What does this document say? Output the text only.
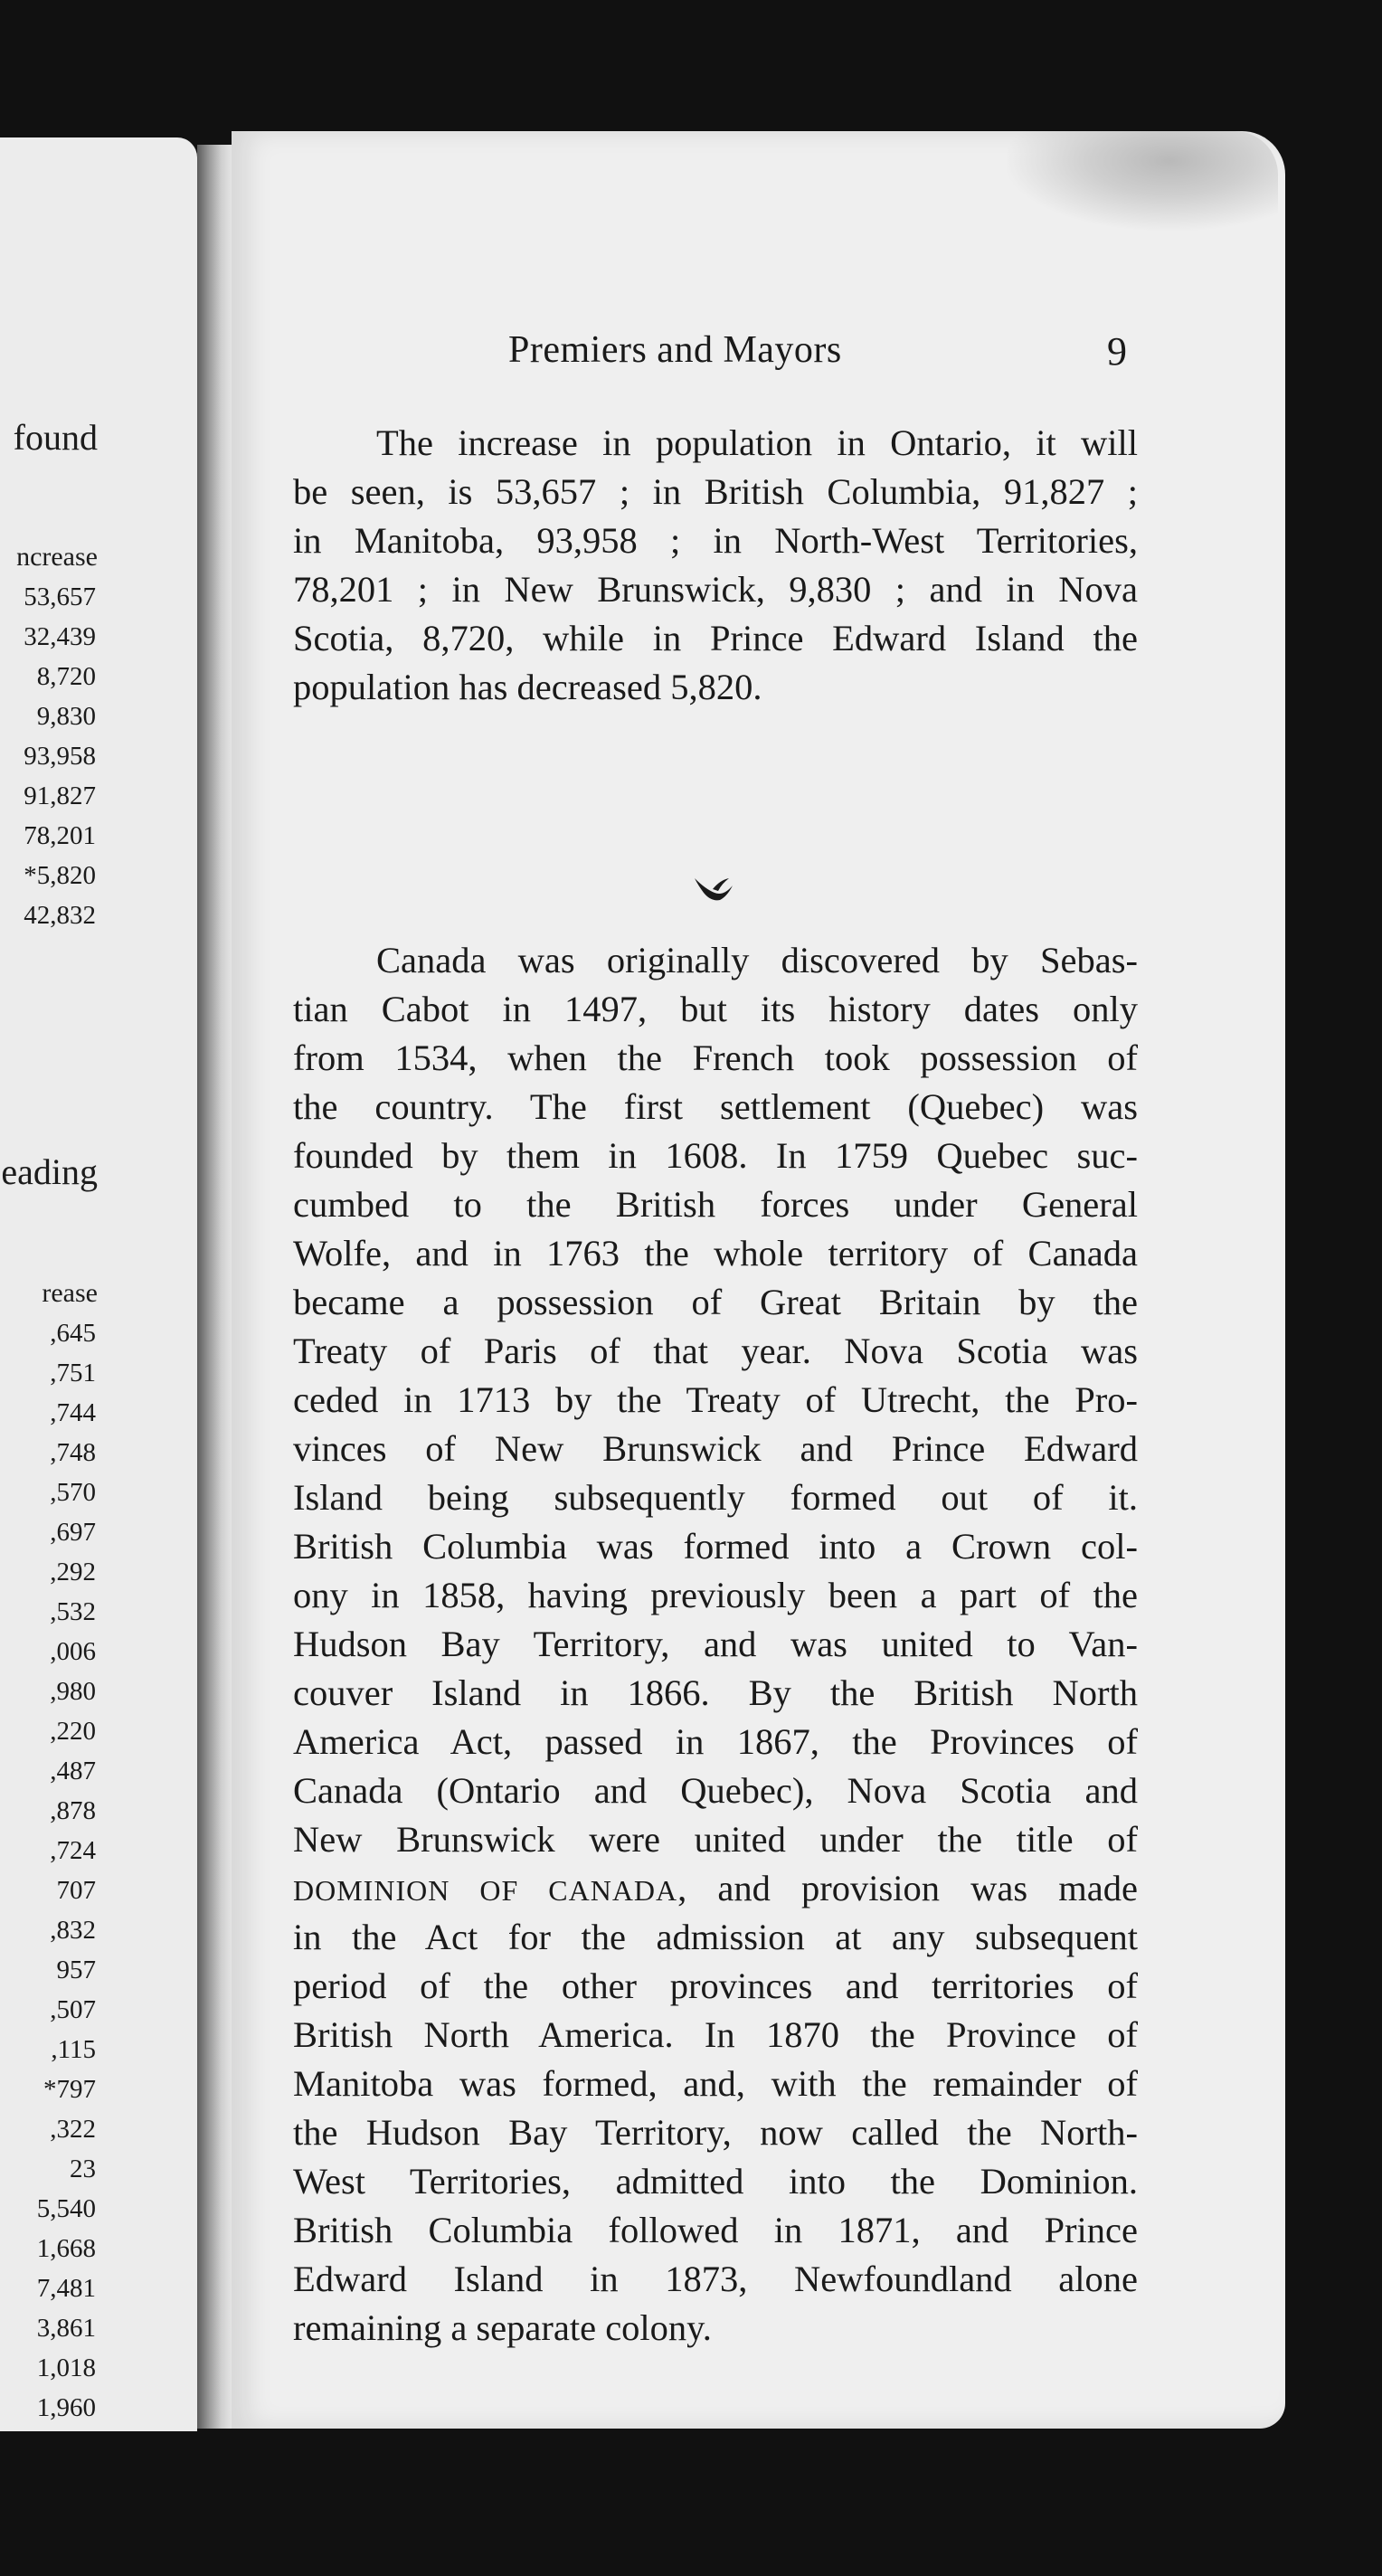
found
eading
ncrease
rease
53,657
32,439
8,720
9,830
93,958
91,827
78,201
*5,820
42,832
,645
,751
,744
,748
,570
,697
,292
,532
,006
,980
,220
,487
,878
,724
707
,832
957
,507
,115
*797
,322
23
5,540
1,668
7,481
3,861
1,018
1,960
Premiers and Mayors	9
The increase in population in Ontario, it will
be seen, is 53,657 ; in British Columbia, 91,827 ;
in Manitoba, 93,958 ; in North-West Territories,
78,201 ; in New Brunswick, 9,830 ; and in Nova
Scotia, 8,720, while in Prince Edward Island the
population has decreased 5,820.
Canada was originally discovered by Sebas-
tian Cabot in 1497, but its history dates only
from 1534, when the French took possession of
the country. The first settlement (Quebec) was
founded by them in 1608. In 1759 Quebec suc-
cumbed to the British forces under General
Wolfe, and in 1763 the whole territory of Canada
became a possession of Great Britain by the
Treaty of Paris of that year. Nova Scotia was
ceded in 1713 by the Treaty of Utrecht, the Pro-
vinces of New Brunswick and Prince Edward
Island being subsequently formed out of it.
British Columbia was formed into a Crown col-
ony in 1858, having previously been a part of the
Hudson Bay Territory, and was united to Van-
couver Island in 1866. By the British North
America Act, passed in 1867, the Provinces of
Canada (Ontario and Quebec), Nova Scotia and
New Brunswick were united under the title of
DOMINION OF CANADA, and provision was made
in the Act for the admission at any subsequent
period of the other provinces and territories of
British North America. In 1870 the Province of
Manitoba was formed, and, with the remainder of
the Hudson Bay Territory, now called the North-
West Territories, admitted into the Dominion.
British Columbia followed in 1871, and Prince
Edward Island in 1873, Newfoundland alone
remaining a separate colony.
